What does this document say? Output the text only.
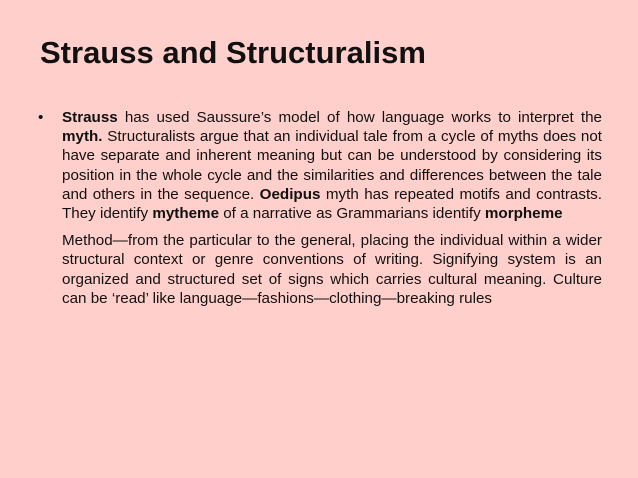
Strauss and Structuralism
•	Strauss has used Saussure’s model of how language works to interpret the myth. Structuralists argue that an individual tale from a cycle of myths does not have separate and inherent meaning but can be understood by considering its position in the whole cycle and the similarities and differences between the tale and others in the sequence. Oedipus myth has repeated motifs and contrasts. They identify mytheme of a narrative as Grammarians identify morpheme

Method—from the particular to the general, placing the individual within a wider structural context or genre conventions of writing. Signifying system is an organized and structured set of signs which carries cultural meaning. Culture can be ‘read’ like language—fashions—clothing—breaking rules
